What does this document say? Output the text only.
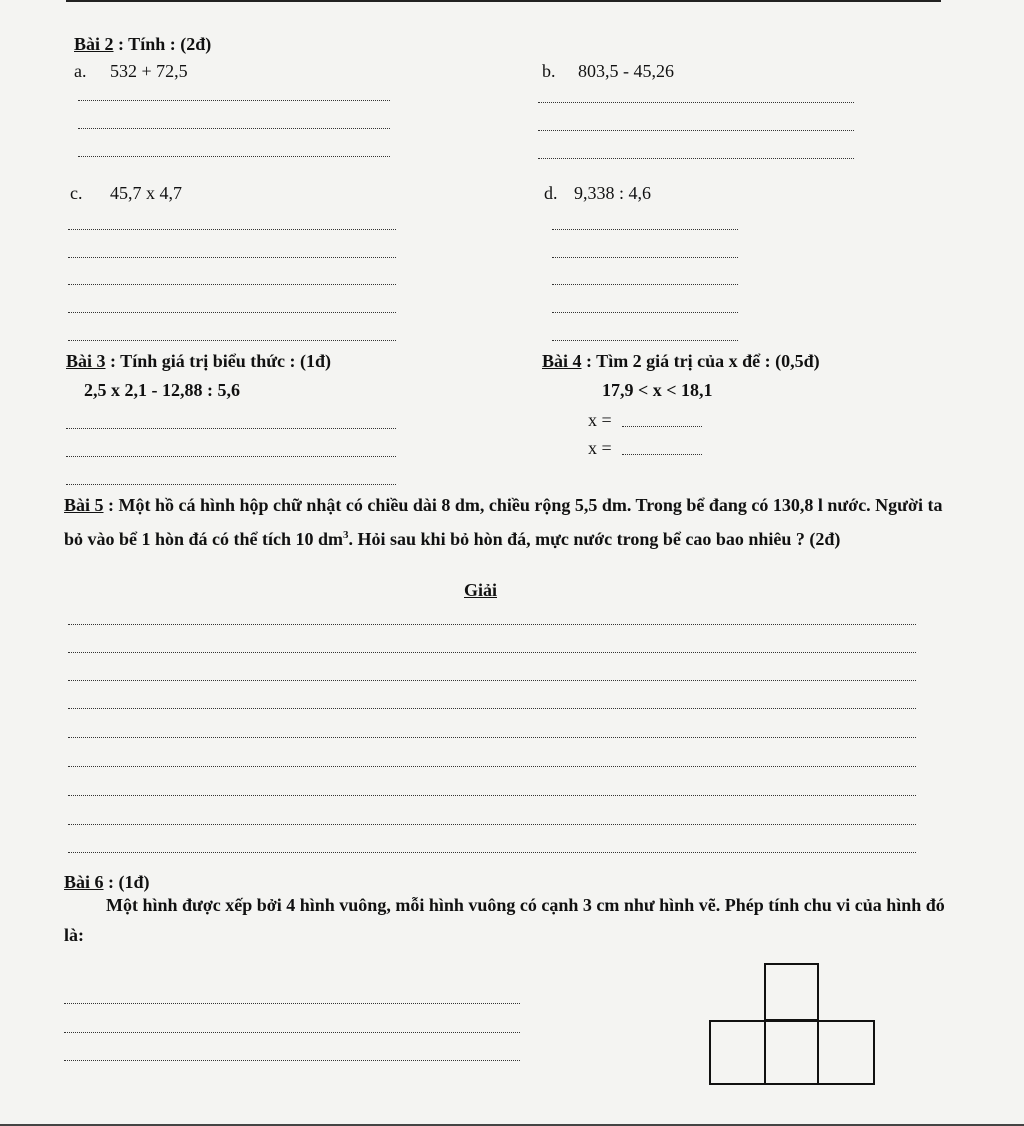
Bài 2 : Tính : (2đ)
a. 532 + 72,5	b. 803,5 - 45,26
c. 45,7 x 4,7	d. 9,338 : 4,6
Bài 3 : Tính giá trị biểu thức : (1đ)
2,5 x 2,1 - 12,88 : 5,6
Bài 4 : Tìm 2 giá trị của x để : (0,5đ)
17,9 < x < 18,1
x =
x =
Bài 5 : Một hồ cá hình hộp chữ nhật có chiều dài 8 dm, chiều rộng 5,5 dm. Trong bể đang có 130,8 l nước. Người ta bỏ vào bể 1 hòn đá có thể tích 10 $dm^3$. Hỏi sau khi bỏ hòn đá, mực nước trong bể cao bao nhiêu ? (2đ)
Giải
Bài 6 : (1đ)
Một hình được xếp bởi 4 hình vuông, mỗi hình vuông có cạnh 3 cm như hình vẽ. Phép tính chu vi của hình đó là:
